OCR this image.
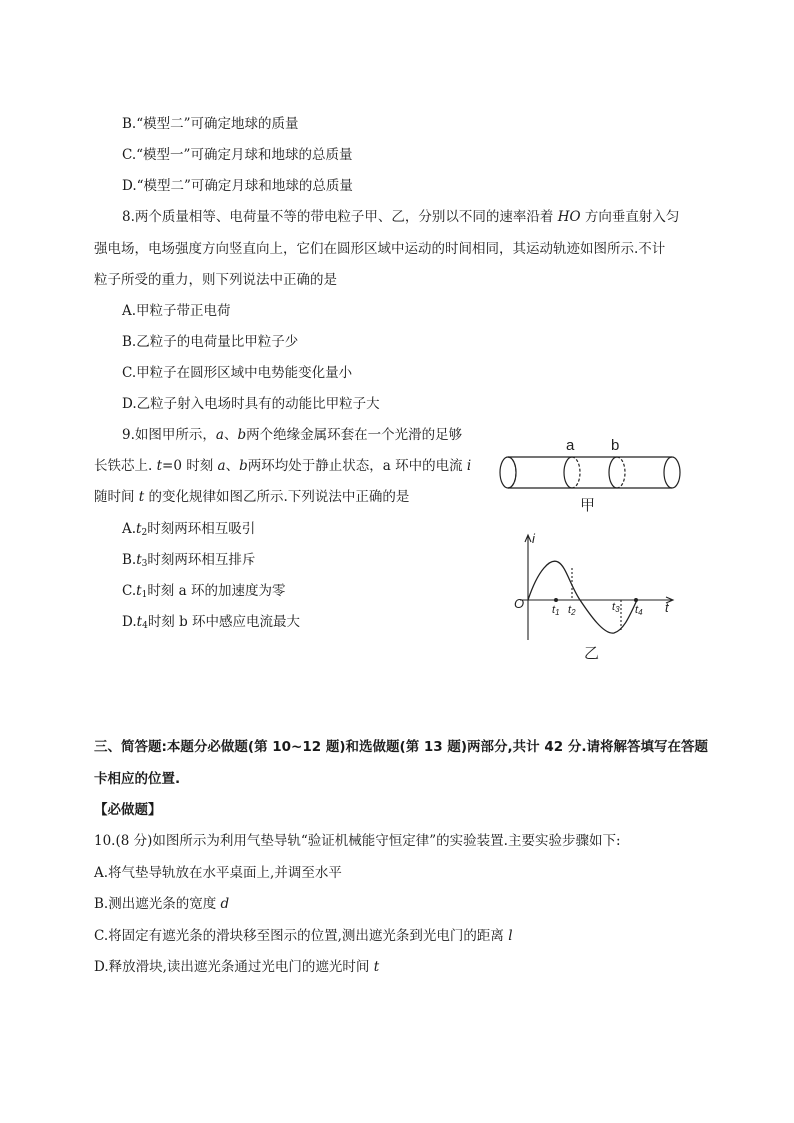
B.“模型二”可确定地球的质量
C.“模型一”可确定月球和地球的总质量
D.“模型二”可确定月球和地球的总质量
8.两个质量相等、电荷量不等的带电粒子甲、乙，分别以不同的速率沿着 HO 方向垂直射入匀
强电场，电场强度方向竖直向上，它们在圆形区域中运动的时间相同，其运动轨迹如图所示.不计
粒子所受的重力，则下列说法中正确的是
A.甲粒子带正电荷
B.乙粒子的电荷量比甲粒子少
C.甲粒子在圆形区域中电势能变化量小
D.乙粒子射入电场时具有的动能比甲粒子大
9.如图甲所示，a、b两个绝缘金属环套在一个光滑的足够
长铁芯上. t=0 时刻 a、b两环均处于静止状态，a 环中的电流 i
随时间 t 的变化规律如图乙所示.下列说法中正确的是
$A.t_2$时刻两环相互吸引
$B.t_3$时刻两环相互排斥
$C.t_1$时刻 a 环的加速度为零
$D.t_4$时刻 b 环中感应电流最大
a b
甲
i
t
O	t1 t2	t3 t4
乙
三、简答题:本题分必做题(第 10~12 题)和选做题(第 13 题)两部分,共计 42 分.请将解答填写在答题
卡相应的位置.
【必做题】
10.(8 分)如图所示为利用气垫导轨“验证机械能守恒定律”的实验装置.主要实验步骤如下:
A.将气垫导轨放在水平桌面上,并调至水平
B.测出遮光条的宽度 d
C.将固定有遮光条的滑块移至图示的位置,测出遮光条到光电门的距离 l
D.释放滑块,读出遮光条通过光电门的遮光时间 t
